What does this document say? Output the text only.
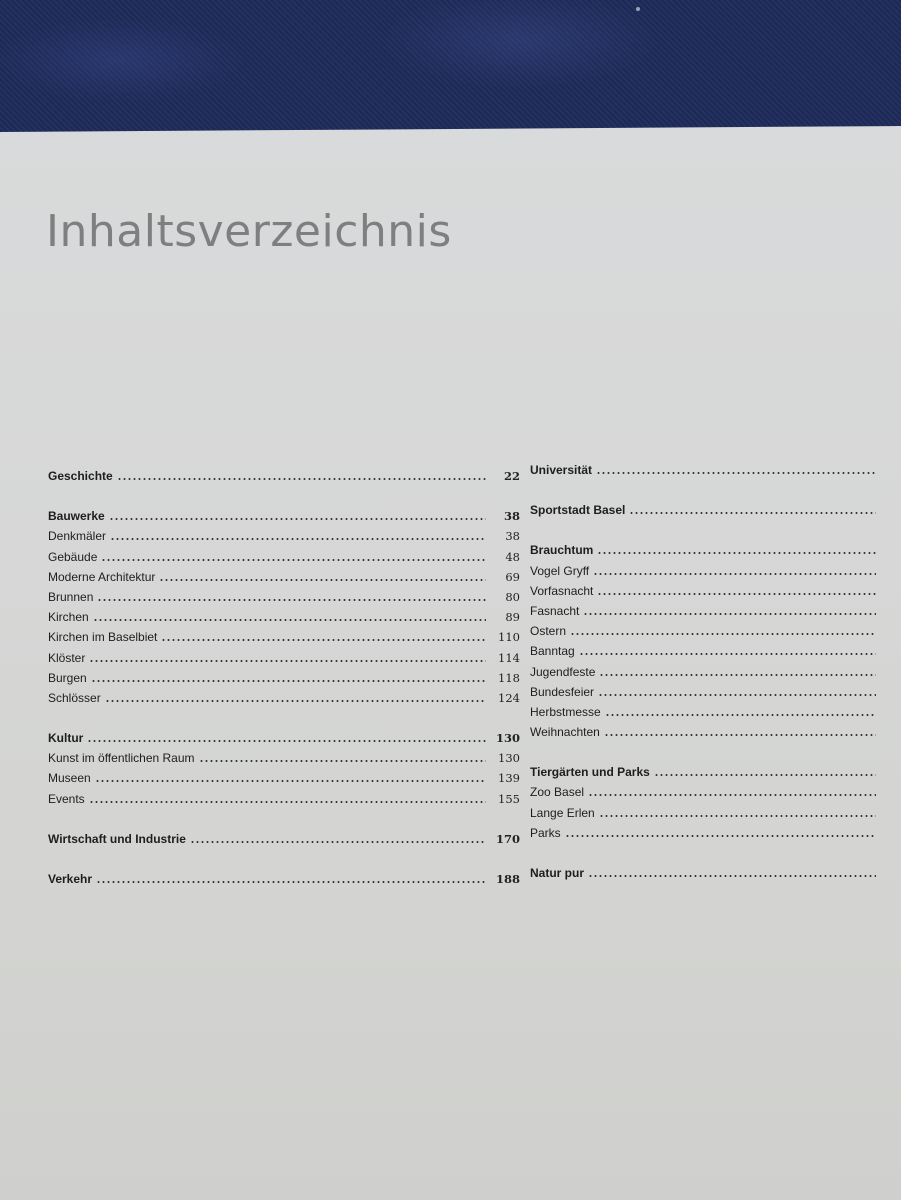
Inhaltsverzeichnis
Geschichte	22
Bauwerke	38
Denkmäler	38
Gebäude	48
Moderne Architektur	69
Brunnen	80
Kirchen	89
Kirchen im Baselbiet	110
Klöster	114
Burgen	118
Schlösser	124
Kultur	130
Kunst im öffentlichen Raum	130
Museen	139
Events	155
Wirtschaft und Industrie	170
Verkehr	188
Universität
Sportstadt Basel
Brauchtum
Vogel Gryff
Vorfasnacht
Fasnacht
Ostern
Banntag
Jugendfeste
Bundesfeier
Herbstmesse
Weihnachten
Tiergärten und Parks
Zoo Basel
Lange Erlen
Parks
Natur pur
